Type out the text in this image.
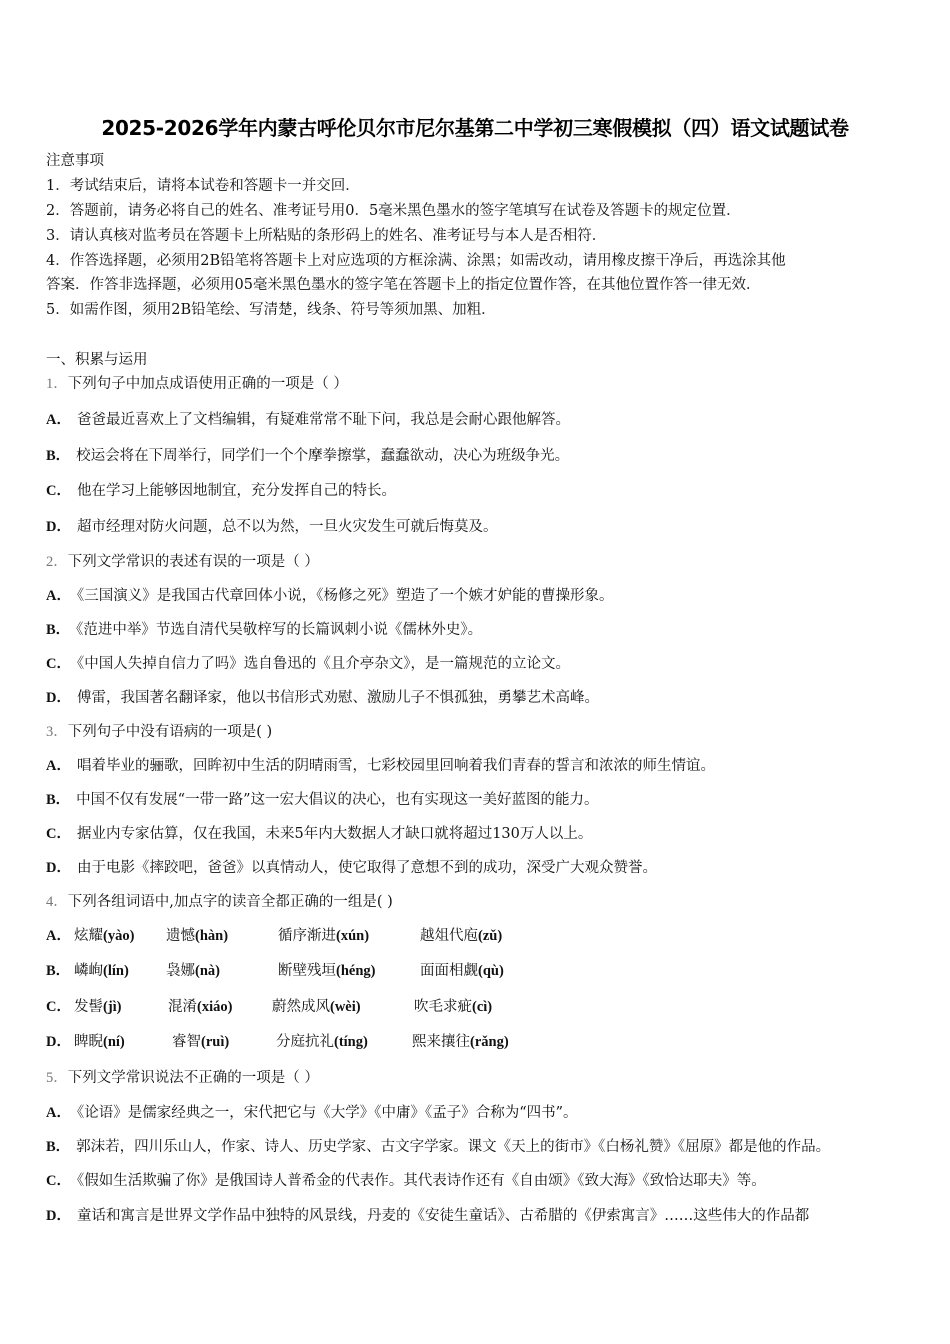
2025-2026学年内蒙古呼伦贝尔市尼尔基第二中学初三寒假模拟（四）语文试题试卷
注意事项
1．考试结束后，请将本试卷和答题卡一并交回．
2．答题前，请务必将自己的姓名、准考证号用0．5毫米黑色墨水的签字笔填写在试卷及答题卡的规定位置．
3．请认真核对监考员在答题卡上所粘贴的条形码上的姓名、准考证号与本人是否相符．
4．作答选择题，必须用2B铅笔将答题卡上对应选项的方框涂满、涂黑；如需改动，请用橡皮擦干净后，再选涂其他
答案．作答非选择题，必须用05毫米黑色墨水的签字笔在答题卡上的指定位置作答，在其他位置作答一律无效．
5．如需作图，须用2B铅笔绘、写清楚，线条、符号等须加黑、加粗．
一、积累与运用
1．下列句子中加点成语使用正确的一项是（ ）
A． 爸爸最近喜欢上了文档编辑，有疑难常常不耻下问，我总是会耐心跟他解答。
B． 校运会将在下周举行，同学们一个个摩拳擦掌，蠢蠢欲动，决心为班级争光。
C． 他在学习上能够因地制宜，充分发挥自己的特长。
D． 超市经理对防火问题，总不以为然，一旦火灾发生可就后悔莫及。
2．下列文学常识的表述有误的一项是（ ）
A． 《三国演义》是我国古代章回体小说，《杨修之死》塑造了一个嫉才妒能的曹操形象。
B． 《范进中举》节选自清代吴敬梓写的长篇讽刺小说《儒林外史》。
C． 《中国人失掉自信力了吗》选自鲁迅的《且介亭杂文》，是一篇规范的立论文。
D． 傅雷，我国著名翻译家，他以书信形式劝慰、激励儿子不惧孤独，勇攀艺术高峰。
3．下列句子中没有语病的一项是( )
A． 唱着毕业的骊歌，回眸初中生活的阴晴雨雪，七彩校园里回响着我们青春的誓言和浓浓的师生情谊。
B． 中国不仅有发展“一带一路”这一宏大倡议的决心，也有实现这一美好蓝图的能力。
C． 据业内专家估算，仅在我国，未来5年内大数据人才缺口就将超过130万人以上。
D． 由于电影《摔跤吧，爸爸》以真情动人，使它取得了意想不到的成功，深受广大观众赞誉。
4．下列各组词语中,加点字的读音全都正确的一组是( )
A． 炫耀(yào) 遗憾(hàn)	循序渐进(xún)	越俎代庖(zǔ)
B． 嶙峋(lín)	袅娜(nà)	断壁残垣(héng)	面面相觑(qù)
C． 发髻(jì)	混淆(xiáo)	蔚然成风(wèi)	吹毛求疵(cì)
D． 睥睨(ní)	睿智(ruì)	分庭抗礼(tíng)	熙来攘往(rǎng)
5．下列文学常识说法不正确的一项是（ ）
A． 《论语》是儒家经典之一，宋代把它与《大学》《中庸》《孟子》合称为“四书”。
B． 郭沫若，四川乐山人，作家、诗人、历史学家、古文字学家。课文《天上的街市》《白杨礼赞》《屈原》都是他的作品。
C． 《假如生活欺骗了你》是俄国诗人普希金的代表作。其代表诗作还有《自由颂》《致大海》《致恰达耶夫》等。
D． 童话和寓言是世界文学作品中独特的风景线，丹麦的《安徒生童话》、古希腊的《伊索寓言》……这些伟大的作品都
